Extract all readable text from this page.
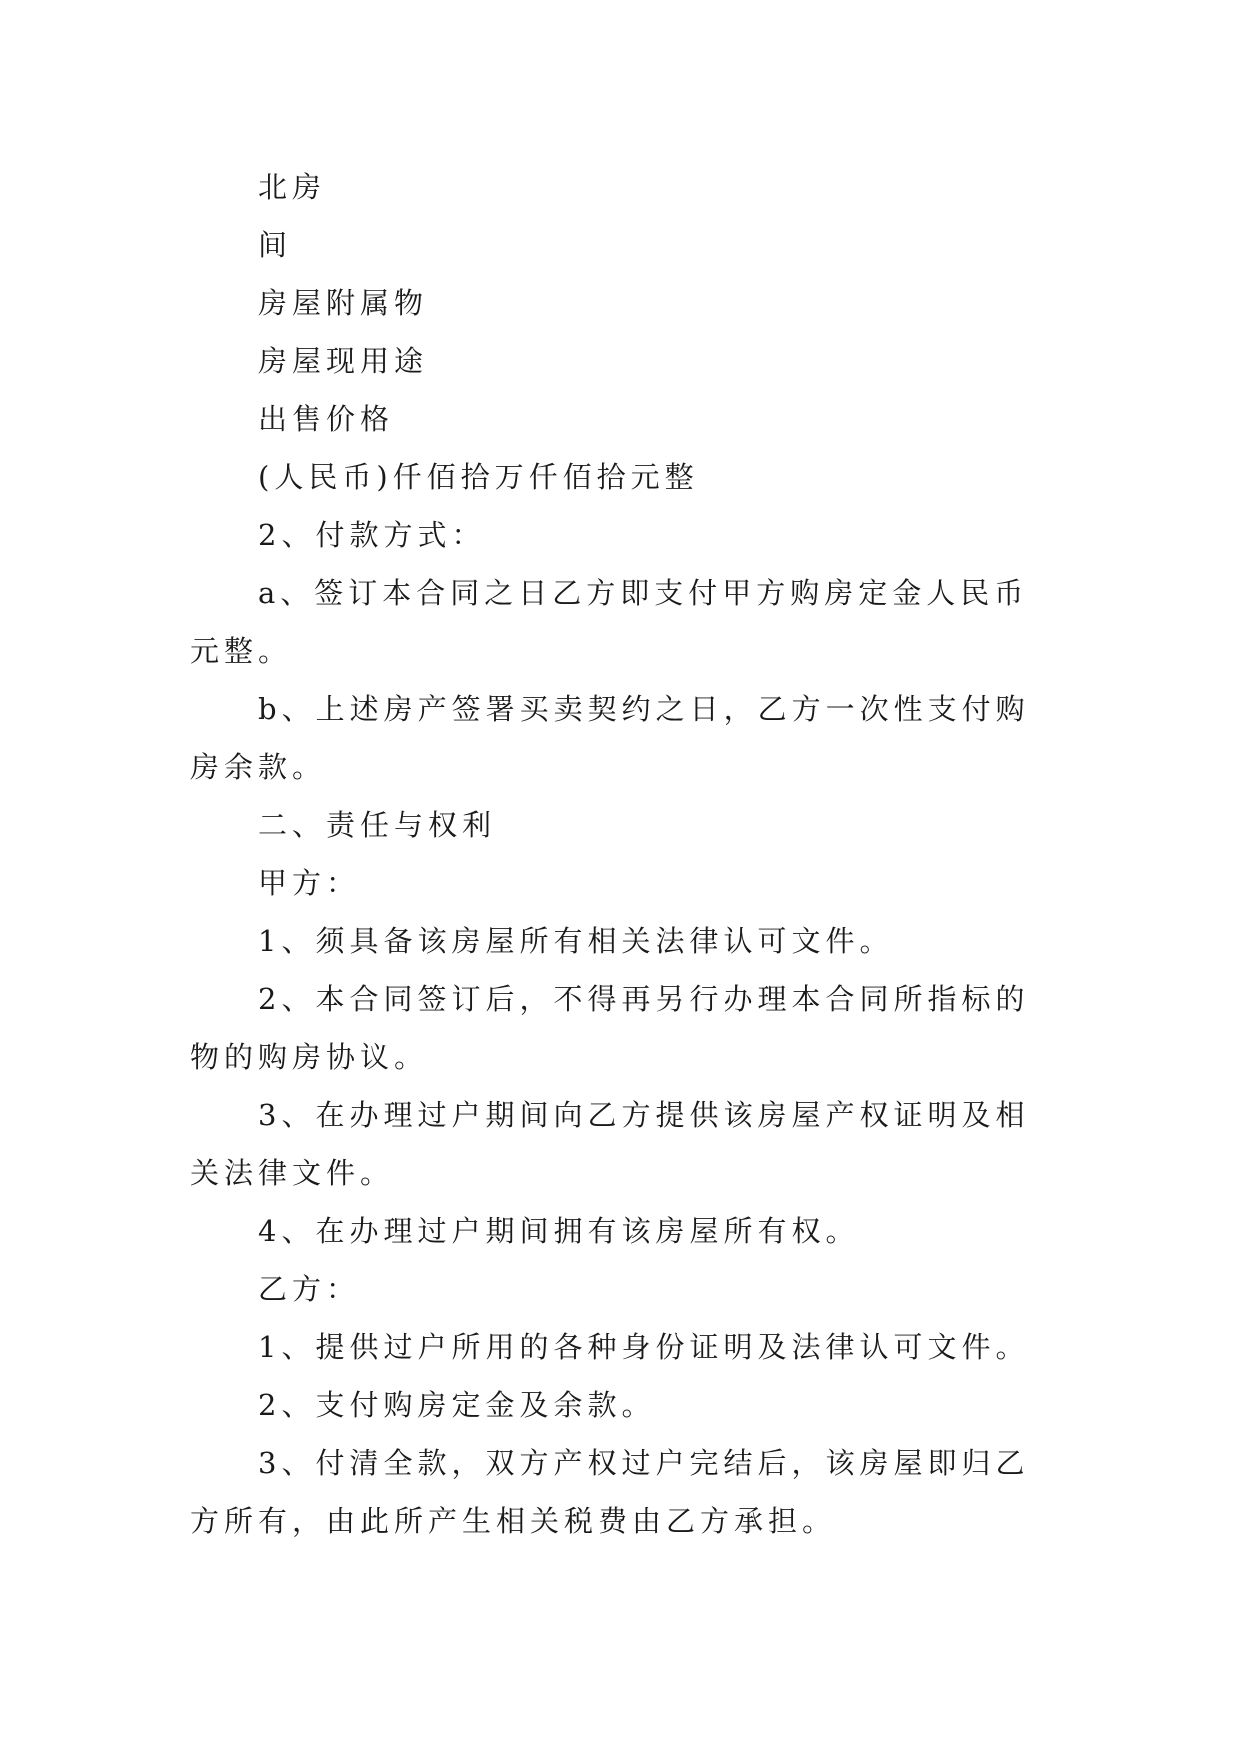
北房

间

房屋附属物

房屋现用途

出售价格

(人民币)仟佰拾万仟佰拾元整

2、付款方式：

a、签订本合同之日乙方即支付甲方购房定金人民币元整。

b、上述房产签署买卖契约之日，乙方一次性支付购房余款。

二、责任与权利

甲方：

1、须具备该房屋所有相关法律认可文件。

2、本合同签订后，不得再另行办理本合同所指标的物的购房协议。

3、在办理过户期间向乙方提供该房屋产权证明及相关法律文件。

4、在办理过户期间拥有该房屋所有权。

乙方：

1、提供过户所用的各种身份证明及法律认可文件。

2、支付购房定金及余款。

3、付清全款，双方产权过户完结后，该房屋即归乙方所有，由此所产生相关税费由乙方承担。
